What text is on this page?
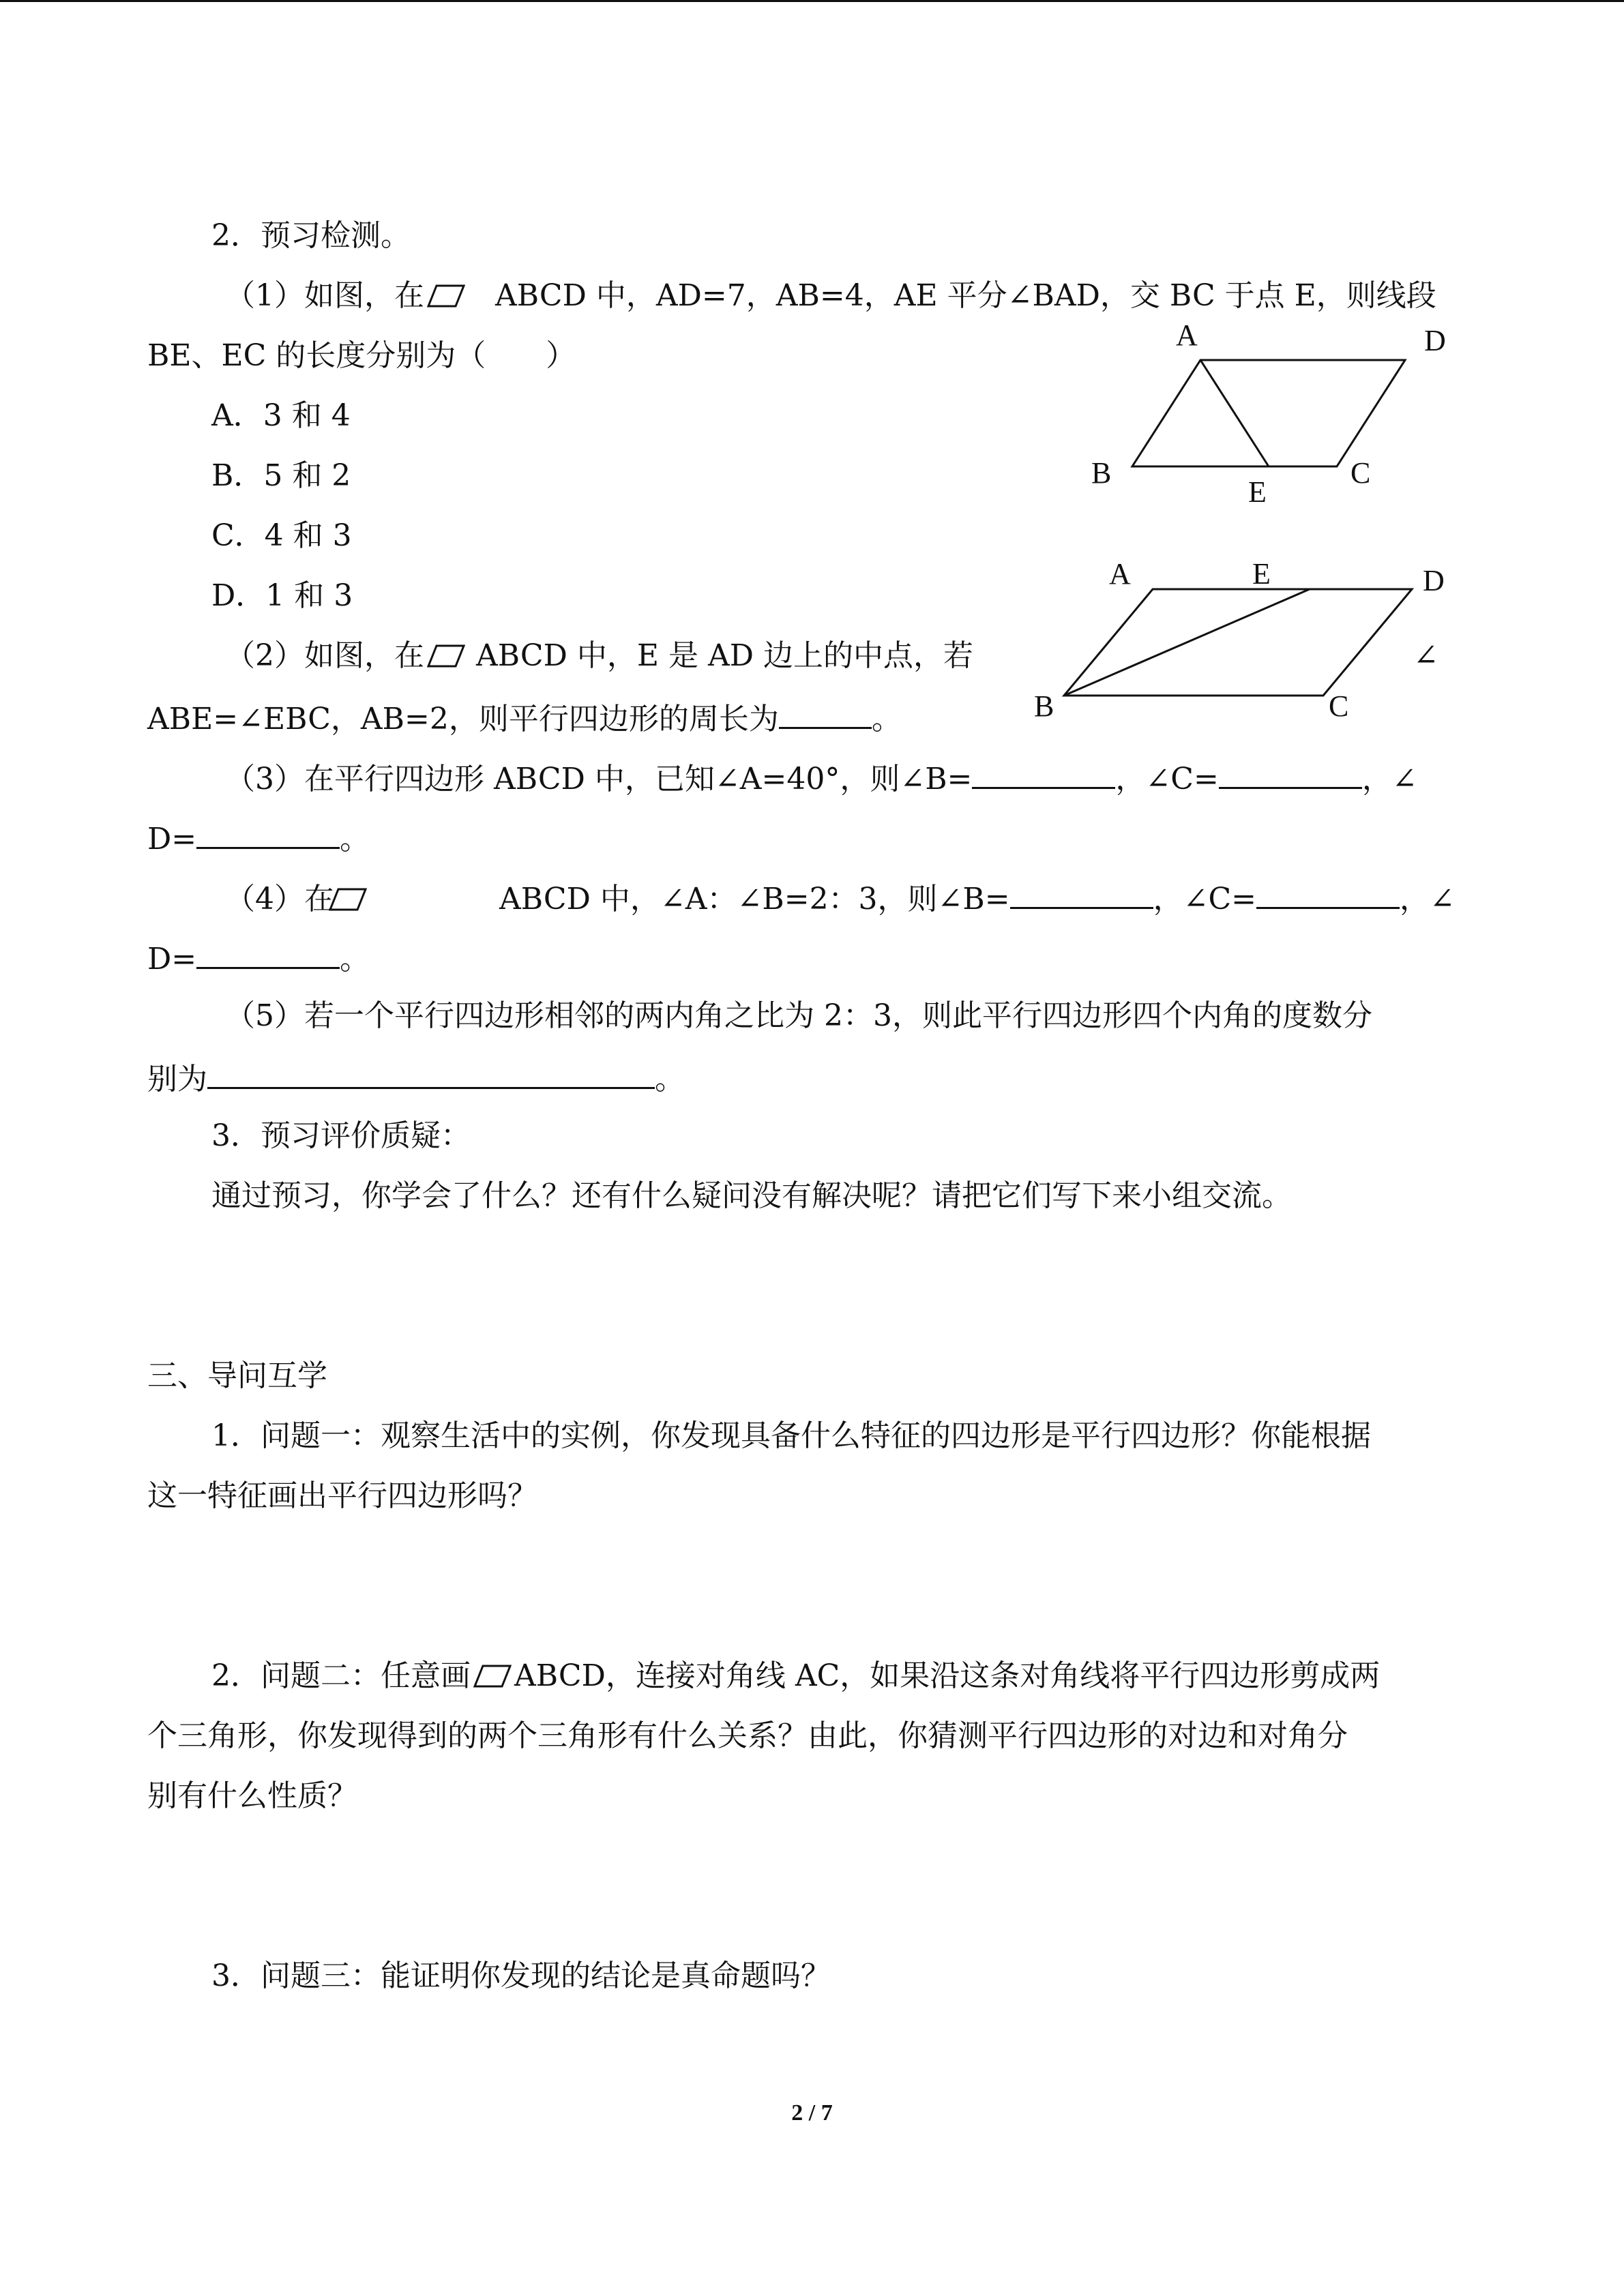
2．预习检测。
（1）如图，在 ABCD 中，AD=7，AB=4，AE 平分∠BAD，交 BC 于点 E，则线段
BE、EC 的长度分别为（　　）
A．3 和 4
B．5 和 2
C．4 和 3
D．1 和 3
A	D
B	C
E
A	E	D
B	C
（2）如图，在 ABCD 中，E 是 AD 边上的中点，若	∠
ABE=∠EBC，AB=2，则平行四边形的周长为	。
（3）在平行四边形 ABCD 中，已知∠A=40°，则∠B=	，∠C=	，∠
D=	。
（4）在	ABCD 中，∠A：∠B=2：3，则∠B=	，∠C=	，∠
D=	。
（5）若一个平行四边形相邻的两内角之比为 2：3，则此平行四边形四个内角的度数分
别为	。
3．预习评价质疑：
通过预习，你学会了什么？还有什么疑问没有解决呢？请把它们写下来小组交流。
三、导问互学
1．问题一：观察生活中的实例，你发现具备什么特征的四边形是平行四边形？你能根据
这一特征画出平行四边形吗？
2．问题二：任意画 ABCD，连接对角线 AC，如果沿这条对角线将平行四边形剪成两
个三角形，你发现得到的两个三角形有什么关系？由此，你猜测平行四边形的对边和对角分
别有什么性质？
3．问题三：能证明你发现的结论是真命题吗？
2 / 7
